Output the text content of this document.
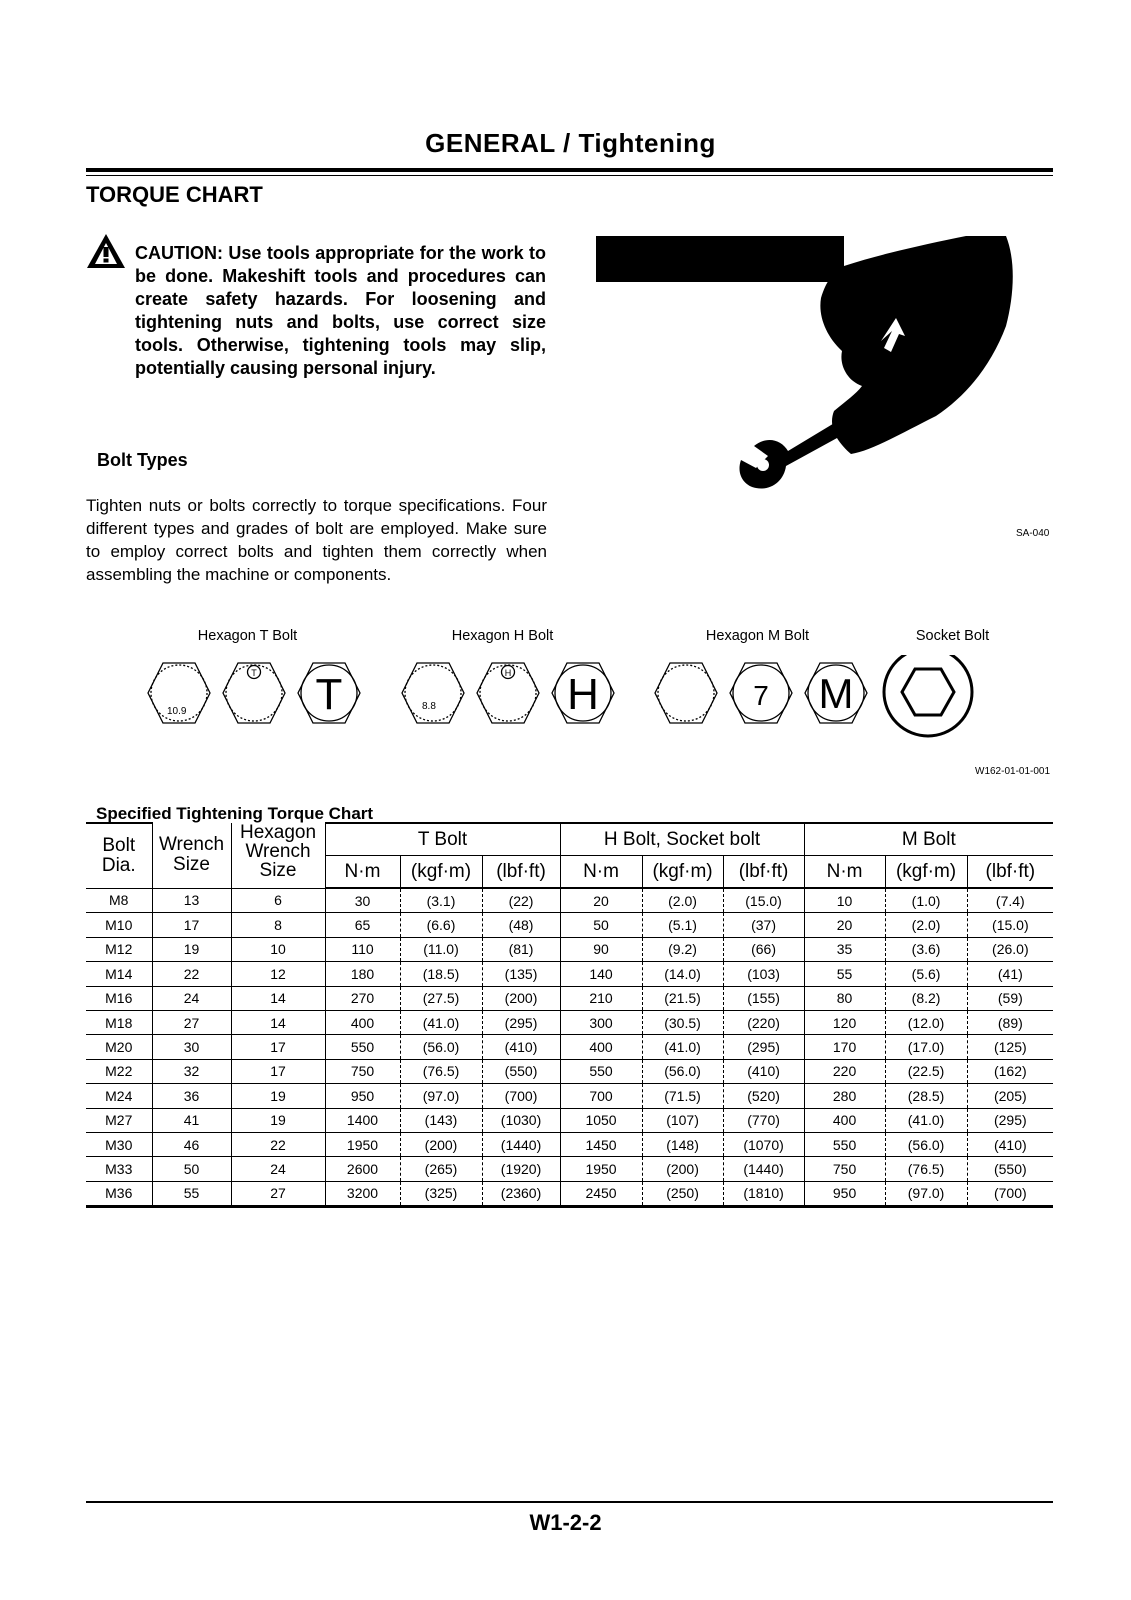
GENERAL / Tightening
TORQUE CHART
CAUTION: Use tools appropriate for the work to be done. Makeshift tools and procedures can create safety hazards. For loosening and tightening nuts and bolts, use correct size tools. Otherwise, tightening tools may slip, potentially causing personal injury.
SA-040
Bolt Types
Tighten nuts or bolts correctly to torque specifications. Four different types and grades of bolt are employed. Make sure to employ correct bolts and tighten them correctly when assembling the machine or components.
Hexagon T Bolt	Hexagon H Bolt	Hexagon M Bolt	Socket Bolt
10.9
T T	8.8
H H	7 M
W162-01-01-001
Specified Tightening Torque Chart
Bolt Dia.	Wrench Size	Hexagon Wrench Size	T Bolt			H Bolt, Socket bolt			M Bolt		
			N·m	(kgf·m)	(lbf·ft)	N·m	(kgf·m)	(lbf·ft)	N·m	(kgf·m)	(lbf·ft)
M8	13	6	30	(3.1)	(22)	20	(2.0)	(15.0)	10	(1.0)	(7.4)
M10	17	8	65	(6.6)	(48)	50	(5.1)	(37)	20	(2.0)	(15.0)
M12	19	10	110	(11.0)	(81)	90	(9.2)	(66)	35	(3.6)	(26.0)
M14	22	12	180	(18.5)	(135)	140	(14.0)	(103)	55	(5.6)	(41)
M16	24	14	270	(27.5)	(200)	210	(21.5)	(155)	80	(8.2)	(59)
M18	27	14	400	(41.0)	(295)	300	(30.5)	(220)	120	(12.0)	(89)
M20	30	17	550	(56.0)	(410)	400	(41.0)	(295)	170	(17.0)	(125)
M22	32	17	750	(76.5)	(550)	550	(56.0)	(410)	220	(22.5)	(162)
M24	36	19	950	(97.0)	(700)	700	(71.5)	(520)	280	(28.5)	(205)
M27	41	19	1400	(143)	(1030)	1050	(107)	(770)	400	(41.0)	(295)
M30	46	22	1950	(200)	(1440)	1450	(148)	(1070)	550	(56.0)	(410)
M33	50	24	2600	(265)	(1920)	1950	(200)	(1440)	750	(76.5)	(550)
M36	55	27	3200	(325)	(2360)	2450	(250)	(1810)	950	(97.0)	(700)
W1-2-2
